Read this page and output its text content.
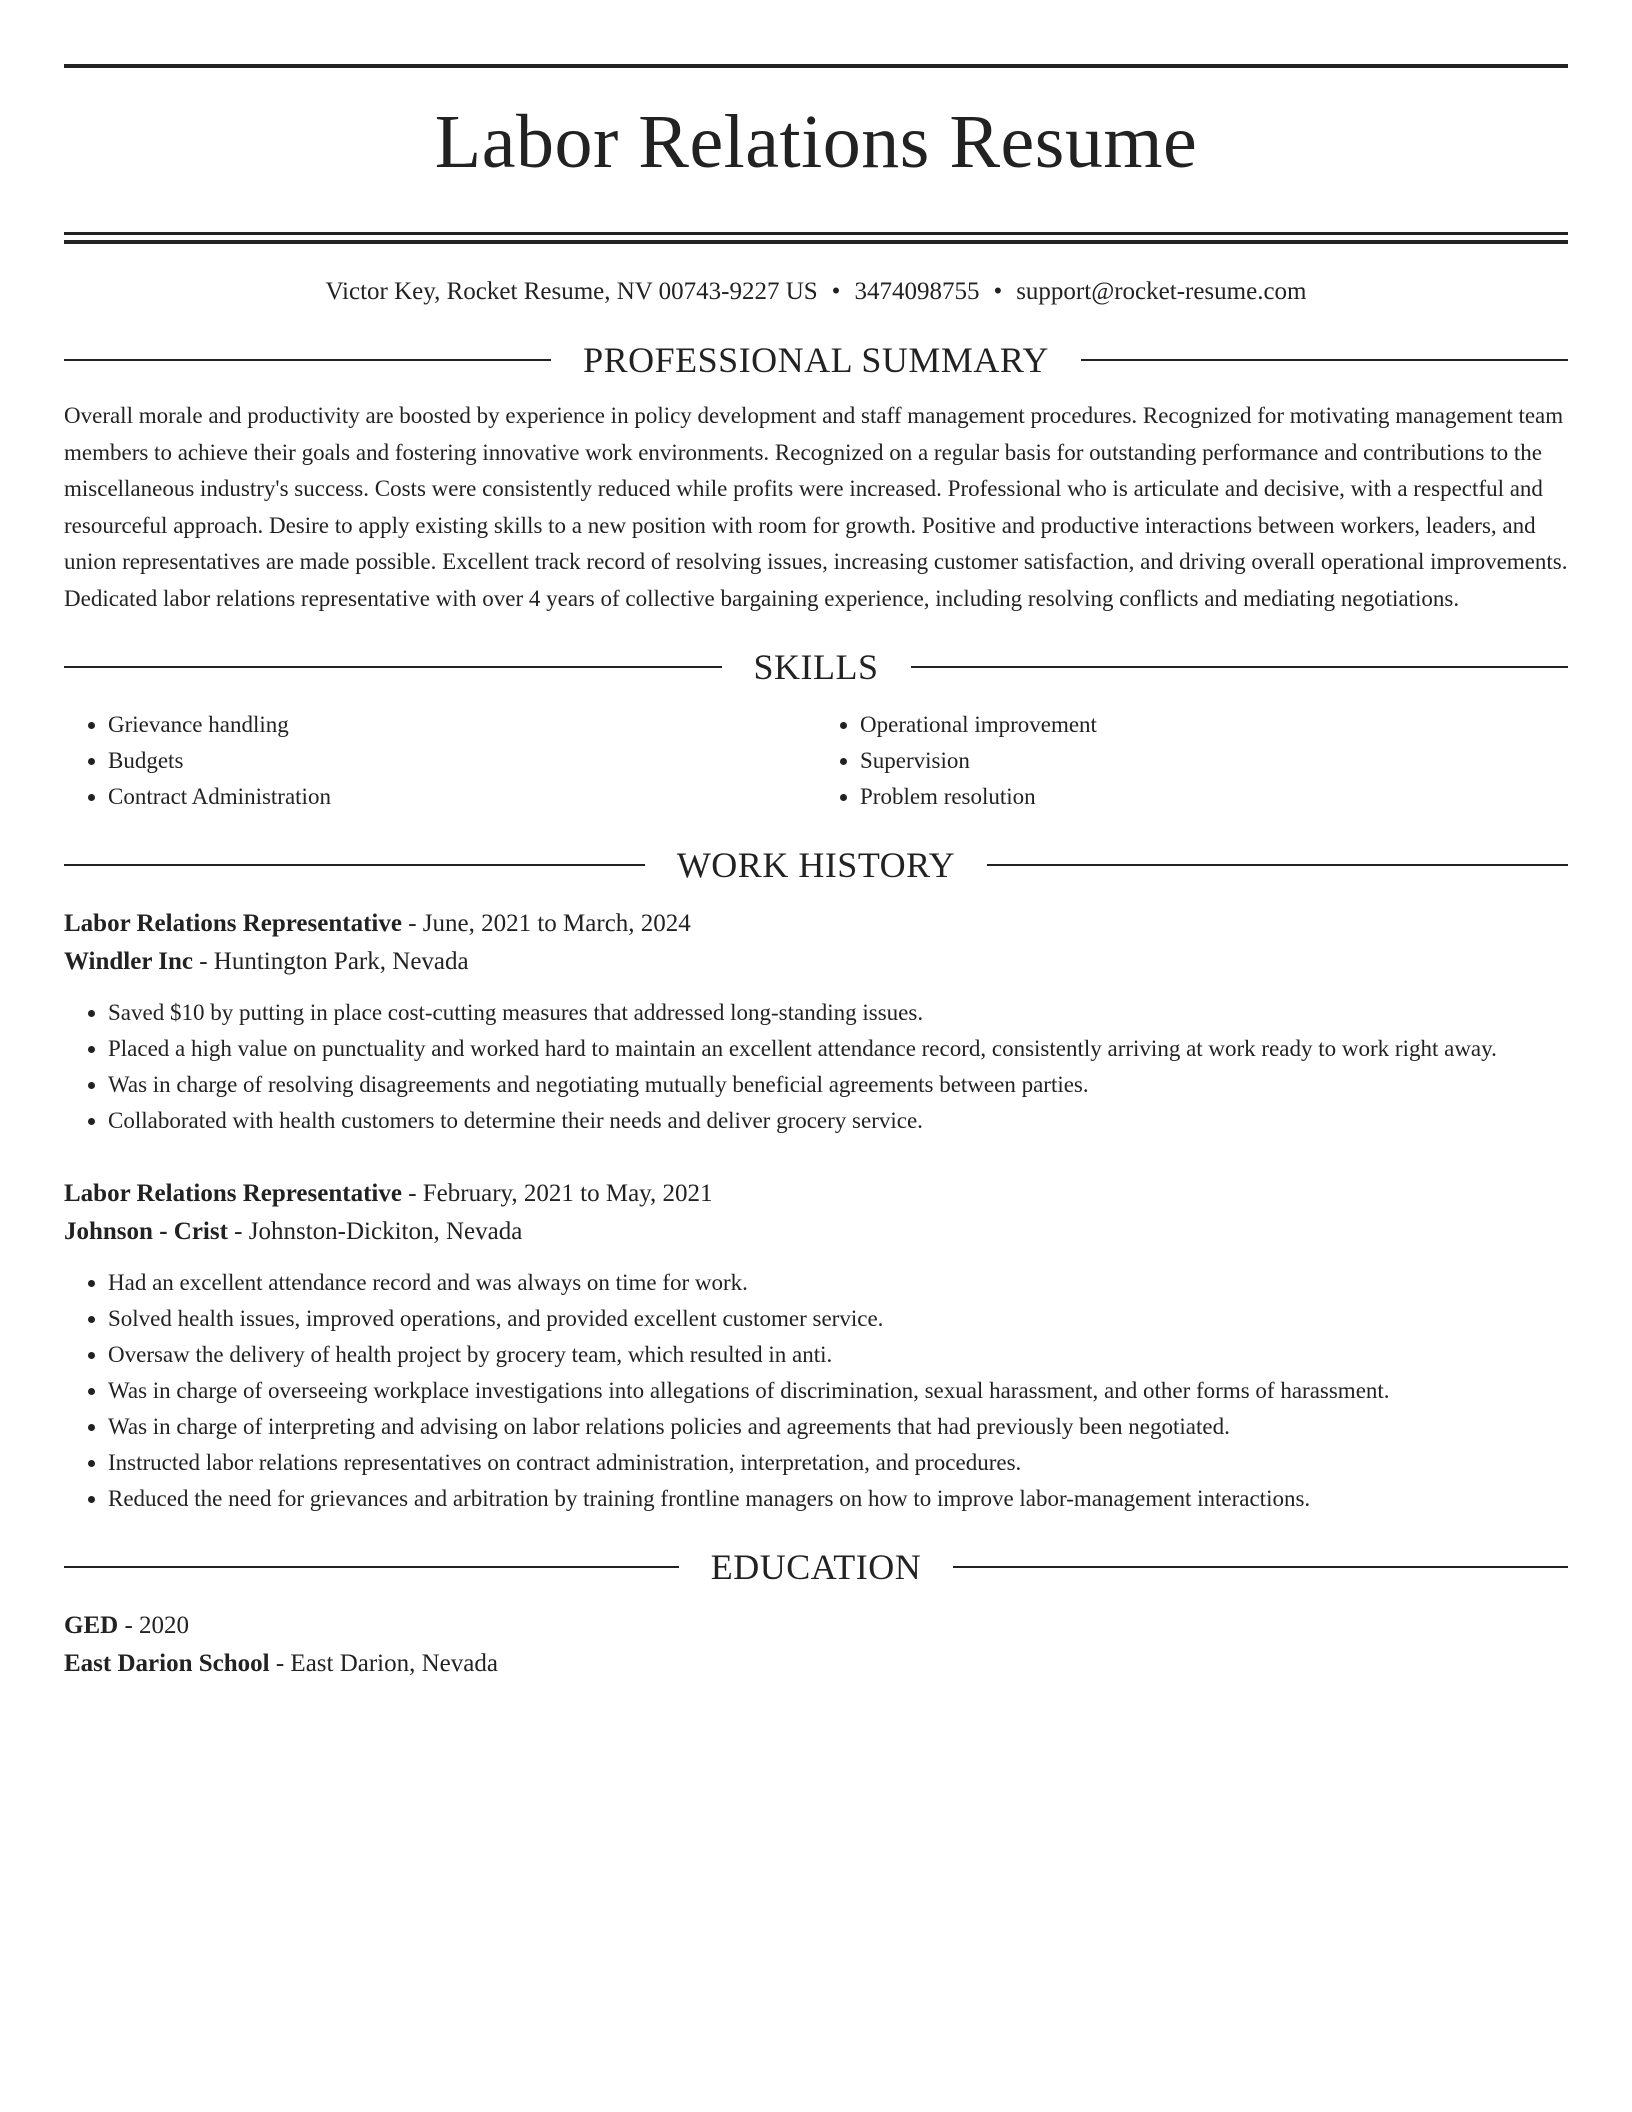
Labor Relations Resume
Victor Key, Rocket Resume, NV 00743-9227 US • 3474098755 • support@rocket-resume.com
PROFESSIONAL SUMMARY

Overall morale and productivity are boosted by experience in policy development and staff management procedures. Recognized for motivating management team members to achieve their goals and fostering innovative work environments. Recognized on a regular basis for outstanding performance and contributions to the miscellaneous industry's success. Costs were consistently reduced while profits were increased. Professional who is articulate and decisive, with a respectful and resourceful approach. Desire to apply existing skills to a new position with room for growth. Positive and productive interactions between workers, leaders, and union representatives are made possible. Excellent track record of resolving issues, increasing customer satisfaction, and driving overall operational improvements. Dedicated labor relations representative with over 4 years of collective bargaining experience, including resolving conflicts and mediating negotiations.

SKILLS
• Grievance handling
• Budgets
• Contract Administration
• Operational improvement
• Supervision
• Problem resolution
WORK HISTORY
Labor Relations Representative - June, 2021 to March, 2024
Windler Inc - Huntington Park, Nevada
• Saved $10 by putting in place cost-cutting measures that addressed long-standing issues.
• Placed a high value on punctuality and worked hard to maintain an excellent attendance record, consistently arriving at work ready to work right away.
• Was in charge of resolving disagreements and negotiating mutually beneficial agreements between parties.
• Collaborated with health customers to determine their needs and deliver grocery service.
Labor Relations Representative - February, 2021 to May, 2021
Johnson - Crist - Johnston-Dickiton, Nevada
• Had an excellent attendance record and was always on time for work.
• Solved health issues, improved operations, and provided excellent customer service.
• Oversaw the delivery of health project by grocery team, which resulted in anti.
• Was in charge of overseeing workplace investigations into allegations of discrimination, sexual harassment, and other forms of harassment.
• Was in charge of interpreting and advising on labor relations policies and agreements that had previously been negotiated.
• Instructed labor relations representatives on contract administration, interpretation, and procedures.
• Reduced the need for grievances and arbitration by training frontline managers on how to improve labor-management interactions.
EDUCATION
GED - 2020
East Darion School - East Darion, Nevada
